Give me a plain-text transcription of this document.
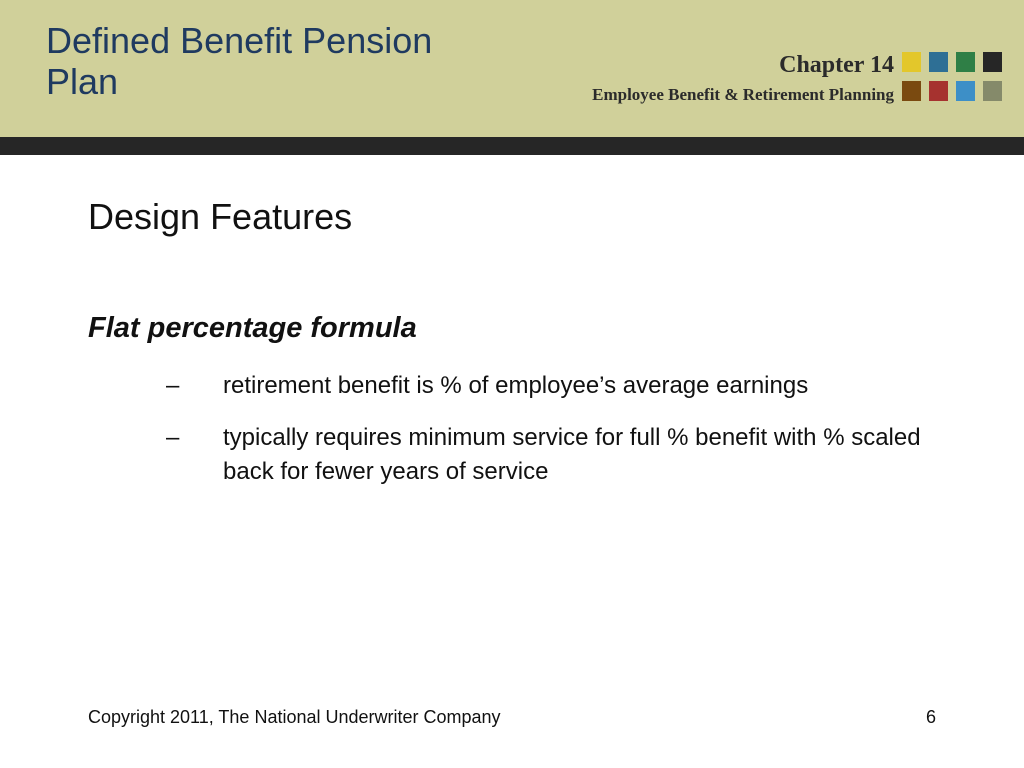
Defined Benefit Pension Plan	Chapter 14
Employee Benefit & Retirement Planning
Design Features
Flat percentage formula
– retirement benefit is % of employee’s average earnings
– typically requires minimum service for full % benefit with % scaled back for fewer years of service
Copyright 2011, The National Underwriter Company	6
